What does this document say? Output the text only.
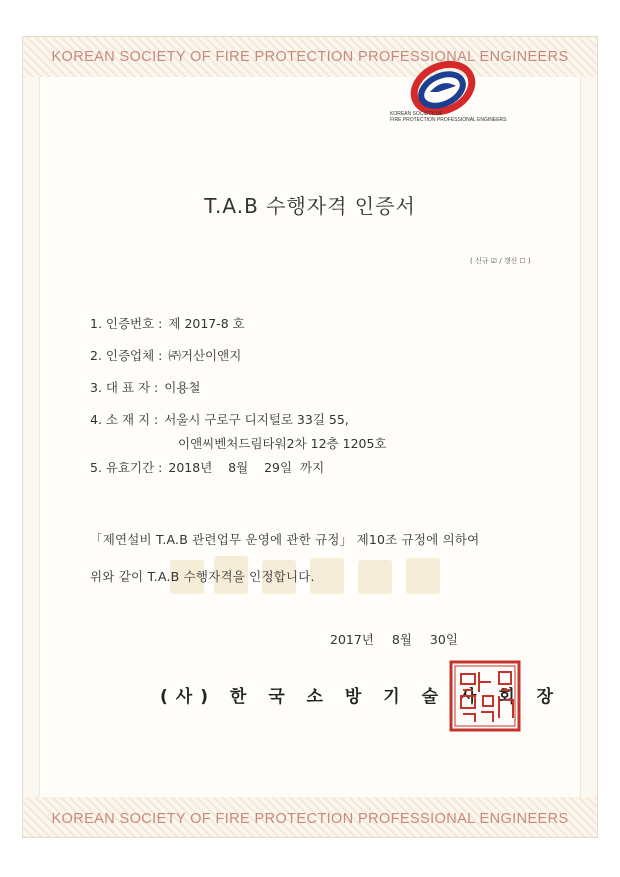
KOREAN SOCIETY OF FIRE PROTECTION PROFESSIONAL ENGINEERS
KOREAN SOCIETY OF FIRE PROTECTION PROFESSIONAL ENGINEERS
KOREAN SOCIETY OF
FIRE PROTECTION PROFESSIONAL ENGINEERS
T.A.B 수행자격 인증서
( 신규 ☑ / 갱신 ☐ )
1. 인증번호 : 제 2017-8 호
2. 인증업체 : ㈜거산이앤지
3. 대 표 자 : 이용철
4. 소 재 지 : 서울시 구로구 디지털로 33길 55,
이앤씨벤처드림타워2차 12층 1205호
5. 유효기간 : 2018년    8월    29일  까지
「제연설비 T.A.B 관련업무 운영에 관한 규정」 제10조 규정에 의하여
위와 같이 T.A.B 수행자격을 인정합니다.
2017년 8월 30일
(사) 한 국 소 방 기 술 사 회 장
